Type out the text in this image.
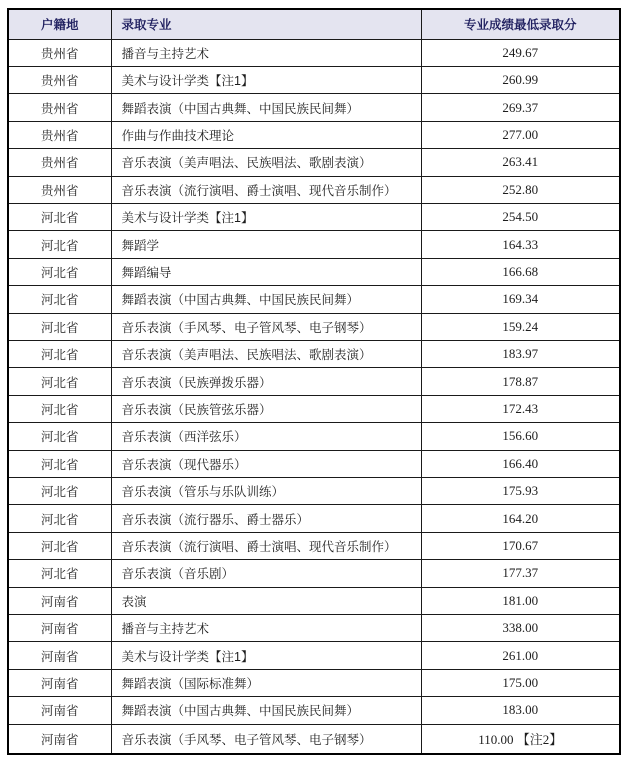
户籍地	录取专业	专业成绩最低录取分
贵州省	播音与主持艺术	249.67
贵州省	美术与设计学类【注1】	260.99
贵州省	舞蹈表演（中国古典舞、中国民族民间舞）	269.37
贵州省	作曲与作曲技术理论	277.00
贵州省	音乐表演（美声唱法、民族唱法、歌剧表演）	263.41
贵州省	音乐表演（流行演唱、爵士演唱、现代音乐制作）	252.80
河北省	美术与设计学类【注1】	254.50
河北省	舞蹈学	164.33
河北省	舞蹈编导	166.68
河北省	舞蹈表演（中国古典舞、中国民族民间舞）	169.34
河北省	音乐表演（手风琴、电子管风琴、电子钢琴）	159.24
河北省	音乐表演（美声唱法、民族唱法、歌剧表演）	183.97
河北省	音乐表演（民族弹拨乐器）	178.87
河北省	音乐表演（民族管弦乐器）	172.43
河北省	音乐表演（西洋弦乐）	156.60
河北省	音乐表演（现代器乐）	166.40
河北省	音乐表演（管乐与乐队训练）	175.93
河北省	音乐表演（流行器乐、爵士器乐）	164.20
河北省	音乐表演（流行演唱、爵士演唱、现代音乐制作）	170.67
河北省	音乐表演（音乐剧）	177.37
河南省	表演	181.00
河南省	播音与主持艺术	338.00
河南省	美术与设计学类【注1】	261.00
河南省	舞蹈表演（国际标准舞）	175.00
河南省	舞蹈表演（中国古典舞、中国民族民间舞）	183.00
河南省	音乐表演（手风琴、电子管风琴、电子钢琴）	110.00 【注2】
